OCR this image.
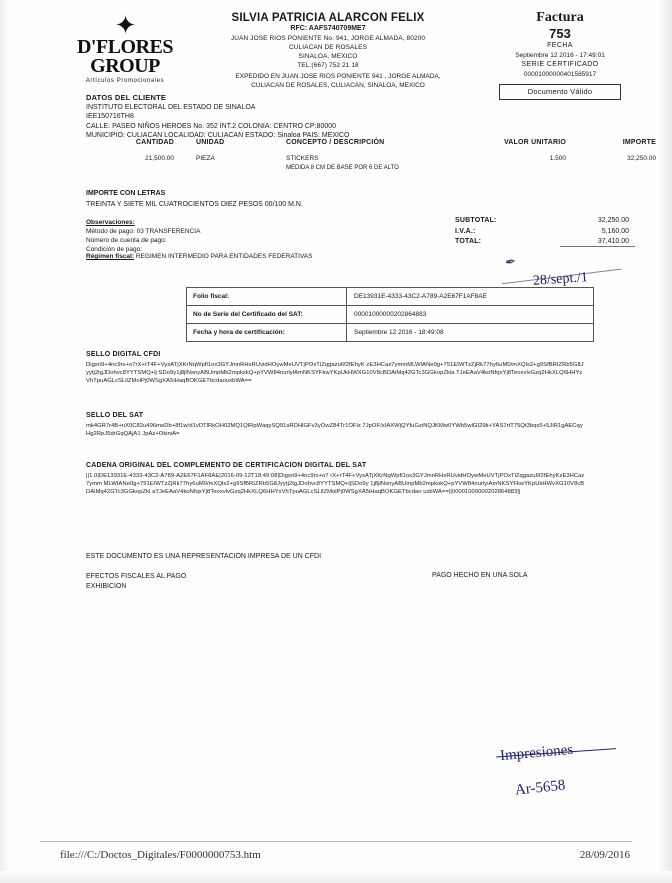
✦
D'FLORES
GROUP
Artículos Promocionales
SILVIA PATRICIA ALARCON FELIX
RFC: AAFS740709ME7
JUAN JOSE RIOS PONIENTE No. 941, JORGE ALMADA, 80200
CULIACAN DE ROSALES
SINALOA, MEXICO
TEL:(667) 752 21 18
EXPEDIDO EN JUAN JOSE RIOS PONIENTE 941 , JORGE ALMADA,
CULIACAN DE ROSALES, CULIACAN, SINALOA, MEXICO
Factura
753
FECHA
Septiembre 12 2016 - 17:49:01
SERIE CERTIFICADO
00001000000401585917
Documento Válido
DATOS DEL CLIENTE
INSTITUTO ELECTORAL DEL ESTADO DE SINALOA
IEE150716TH8
CALLE: PASEO NIÑOS HEROES No. 352 INT.2 COLONIA: CENTRO CP:80000
MUNICIPIO: CULIACAN LOCALIDAD: CULIACAN ESTADO: Sinaloa PAIS: MEXICO
CANTIDAD	UNIDAD	CONCEPTO / DESCRIPCIÓN	VALOR UNITARIO	IMPORTE
21,500.00	PIEZA	STICKERS
MEDIDA 8 CM DE BASE POR 6 DE ALTO
1.500	32,250.00
IMPORTE CON LETRAS
TREINTA Y SIETE MIL CUATROCIENTOS DIEZ PESOS 00/100 M.N.
Observaciones:
Método de pago: 03 TRANSFERENCIA
Número de cuenta de pago:
Condición de pago:
Régimen fiscal: REGIMEN INTERMEDIO PARA ENTIDADES FEDERATIVAS
SUBTOTAL:	32,250.00
I.V.A.:	5,160.00
TOTAL:	37,410.00
✒
28/sept./1
Folio fiscal:	DE13931E-4333-43C2-A789-A2E67F1AF8AE
No de Serie del Certificado del SAT:	00001000000202864883
Fecha y hora de certificación:	Septiembre 12 2016 - 18:49:08
SELLO DIGITAL CFDI
Digsri9+4nc9rx+o7rX+rT4F+VysATjXKrNqWpfl1ox3GYJmnRHxRUvidHOywMeUVTjPOxTlZqgazu6f2fEhyK zE3HCaz7ymmMLWIANe0g+751EIWTzZjRk77hy6uM0/mXQls2+g9SfBRIZRb5G8Jyytj2tgJDohvc8YYTSMQ+lj SDo9y1j8jlNsnyABUmpMb2mpkxkQ+pYVW84nurlylAmNKSYFkwYKpUkHWXG10V8cBDAiMq42GTc3GGkopZkla TJeEAaV4koNfqxYj8TeoxvlvGzq2HkXLQ6HHYxVhTpuAGLcSLilZMolPj0WSgXA5iHaqBOKGETbcdaouxbWA==
SELLO DEL SAT
mk4GR7r4B+nX0C82u496meDb+8f1w/d1vDTlRkOH02MQ1QlRpWaqySQ91sRDHlGFv3yOwZ84Tr1OFlz 7JpOF/xIAXWjQYfuGziNQJKMw0YWb5wlGI29k+YAS7rtT75Qt3bqs5+5JiR1gAECqyHg2RpJ5drGqQAjA1 JpAz+OkiniA=
CADENA ORIGINAL DEL COMPLEMENTO DE CERTIFICACION DIGITAL DEL SAT
||1.0|DE13931E-4333-43C2-A789-A2E67F1AF8AE|2016-09-12T18:49:08|Digsri9+4nc9rx+o7 rX+rT4F+VysATjXKrNqWpfl1ox3GYJmnRHxRUvidHOywMeUVTjPOxTlZqgazu6f2fEhyKzE3HCaz7ymm MLWIANe0g+751EIWTzZjRk77hy6uM0/mXQls2+g9SfBRIZRb5G8Jyytj2tgJDohvc8YYTSMQ+ljSDo9y 1j8jlNsnyABUmpMb2mpkokQ+pYVW84nurlyiAmNKSYFkwYKpUkHWvXG10V8cBDAiMq42GTc3GGkopZkl aTJeEAaV4koNfqxYj8TeoxvlvGzq2HkXLQ6HHYxVhTpuAGLcSLilZMolPj0WSgXA5iHaqBOKGETbcdao uxbWA==||00001000000202864883||
ESTE DOCUMENTO ES UNA REPRESENTACION IMPRESA DE UN CFDI
EFECTOS FISCALES AL PAGO
EXHIBICION
PAGO HECHO EN UNA SOLA
Impresiones
Ar-5658
file:///C:/Doctos_Digitales/F0000000753.htm	28/09/2016
